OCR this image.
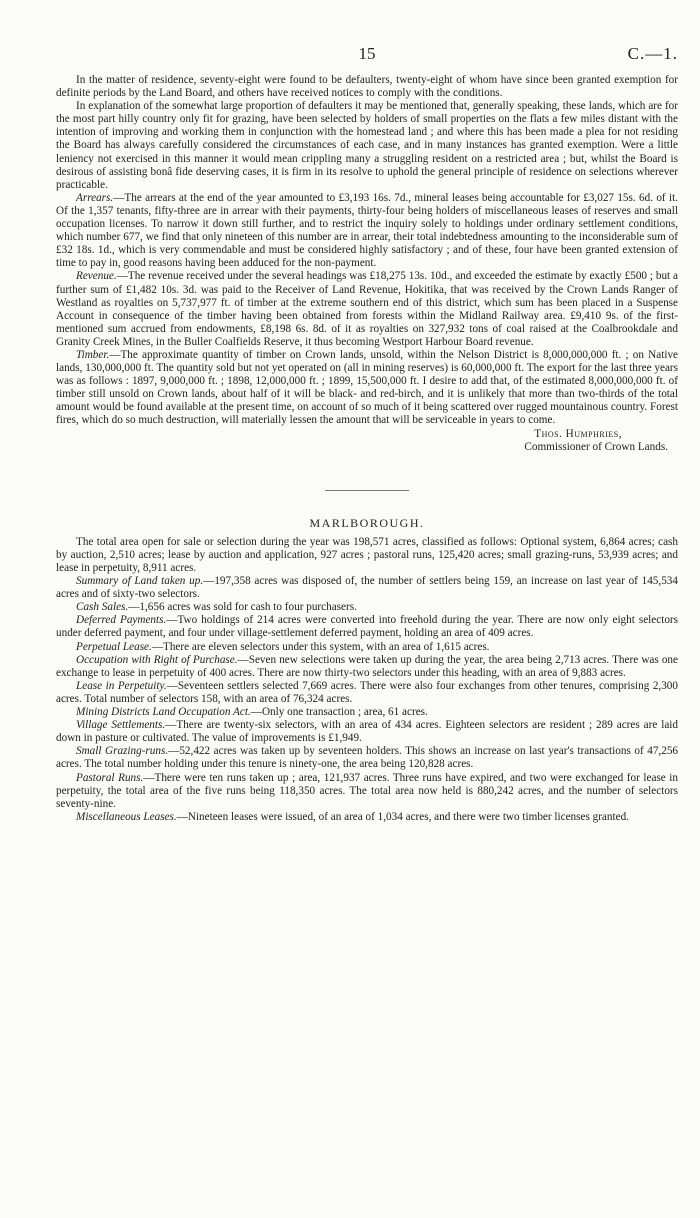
15	C.—1.

In the matter of residence, seventy-eight were found to be defaulters, twenty-eight of whom have since been granted exemption for definite periods by the Land Board, and others have received notices to comply with the conditions.

In explanation of the somewhat large proportion of defaulters it may be mentioned that, generally speaking, these lands, which are for the most part hilly country only fit for grazing, have been selected by holders of small properties on the flats a few miles distant with the intention of improving and working them in conjunction with the homestead land ; and where this has been made a plea for not residing the Board has always carefully considered the circumstances of each case, and in many instances has granted exemption. Were a little leniency not exercised in this manner it would mean crippling many a struggling resident on a restricted area ; but, whilst the Board is desirous of assisting bonâ fide deserving cases, it is firm in its resolve to uphold the general principle of residence on selections wherever practicable.

Arrears.—The arrears at the end of the year amounted to £3,193 16s. 7d., mineral leases being accountable for £3,027 15s. 6d. of it. Of the 1,357 tenants, fifty-three are in arrear with their payments, thirty-four being holders of miscellaneous leases of reserves and small occupation licenses. To narrow it down still further, and to restrict the inquiry solely to holdings under ordinary settlement conditions, which number 677, we find that only nineteen of this number are in arrear, their total indebtedness amounting to the inconsiderable sum of £32 18s. 1d., which is very commendable and must be considered highly satisfactory ; and of these, four have been granted extension of time to pay in, good reasons having been adduced for the non-payment.

Revenue.—The revenue received under the several headings was £18,275 13s. 10d., and exceeded the estimate by exactly £500 ; but a further sum of £1,482 10s. 3d. was paid to the Receiver of Land Revenue, Hokitika, that was received by the Crown Lands Ranger of Westland as royalties on 5,737,977 ft. of timber at the extreme southern end of this district, which sum has been placed in a Suspense Account in consequence of the timber having been obtained from forests within the Midland Railway area. £9,410 9s. of the first-mentioned sum accrued from endowments, £8,198 6s. 8d. of it as royalties on 327,932 tons of coal raised at the Coalbrookdale and Granity Creek Mines, in the Buller Coalfields Reserve, it thus becoming Westport Harbour Board revenue.

Timber.—The approximate quantity of timber on Crown lands, unsold, within the Nelson District is 8,000,000,000 ft. ; on Native lands, 130,000,000 ft. The quantity sold but not yet operated on (all in mining reserves) is 60,000,000 ft. The export for the last three years was as follows : 1897, 9,000,000 ft. ; 1898, 12,000,000 ft. ; 1899, 15,500,000 ft. I desire to add that, of the estimated 8,000,000,000 ft. of timber still unsold on Crown lands, about half of it will be black- and red-birch, and it is unlikely that more than two-thirds of the total amount would be found available at the present time, on account of so much of it being scattered over rugged mountainous country. Forest fires, which do so much destruction, will materially lessen the amount that will be serviceable in years to come.

Thos. Humphries,

Commissioner of Crown Lands.

MARLBOROUGH.

The total area open for sale or selection during the year was 198,571 acres, classified as follows: Optional system, 6,864 acres; cash by auction, 2,510 acres; lease by auction and application, 927 acres ; pastoral runs, 125,420 acres; small grazing-runs, 53,939 acres; and lease in perpetuity, 8,911 acres.

Summary of Land taken up.—197,358 acres was disposed of, the number of settlers being 159, an increase on last year of 145,534 acres and of sixty-two selectors.

Cash Sales.—1,656 acres was sold for cash to four purchasers.

Deferred Payments.—Two holdings of 214 acres were converted into freehold during the year. There are now only eight selectors under deferred payment, and four under village-settlement deferred payment, holding an area of 409 acres.

Perpetual Lease.—There are eleven selectors under this system, with an area of 1,615 acres.

Occupation with Right of Purchase.—Seven new selections were taken up during the year, the area being 2,713 acres. There was one exchange to lease in perpetuity of 400 acres. There are now thirty-two selectors under this heading, with an area of 9,883 acres.

Lease in Perpetuity.—Seventeen settlers selected 7,669 acres. There were also four exchanges from other tenures, comprising 2,300 acres. Total number of selectors 158, with an area of 76,324 acres.

Mining Districts Land Occupation Act.—Only one transaction ; area, 61 acres.

Village Settlements.—There are twenty-six selectors, with an area of 434 acres. Eighteen selectors are resident ; 289 acres are laid down in pasture or cultivated. The value of improvements is £1,949.

Small Grazing-runs.—52,422 acres was taken up by seventeen holders. This shows an increase on last year's transactions of 47,256 acres. The total number holding under this tenure is ninety-one, the area being 120,828 acres.

Pastoral Runs.—There were ten runs taken up ; area, 121,937 acres. Three runs have expired, and two were exchanged for lease in perpetuity, the total area of the five runs being 118,350 acres. The total area now held is 880,242 acres, and the number of selectors seventy-nine.

Miscellaneous Leases.—Nineteen leases were issued, of an area of 1,034 acres, and there were two timber licenses granted.
